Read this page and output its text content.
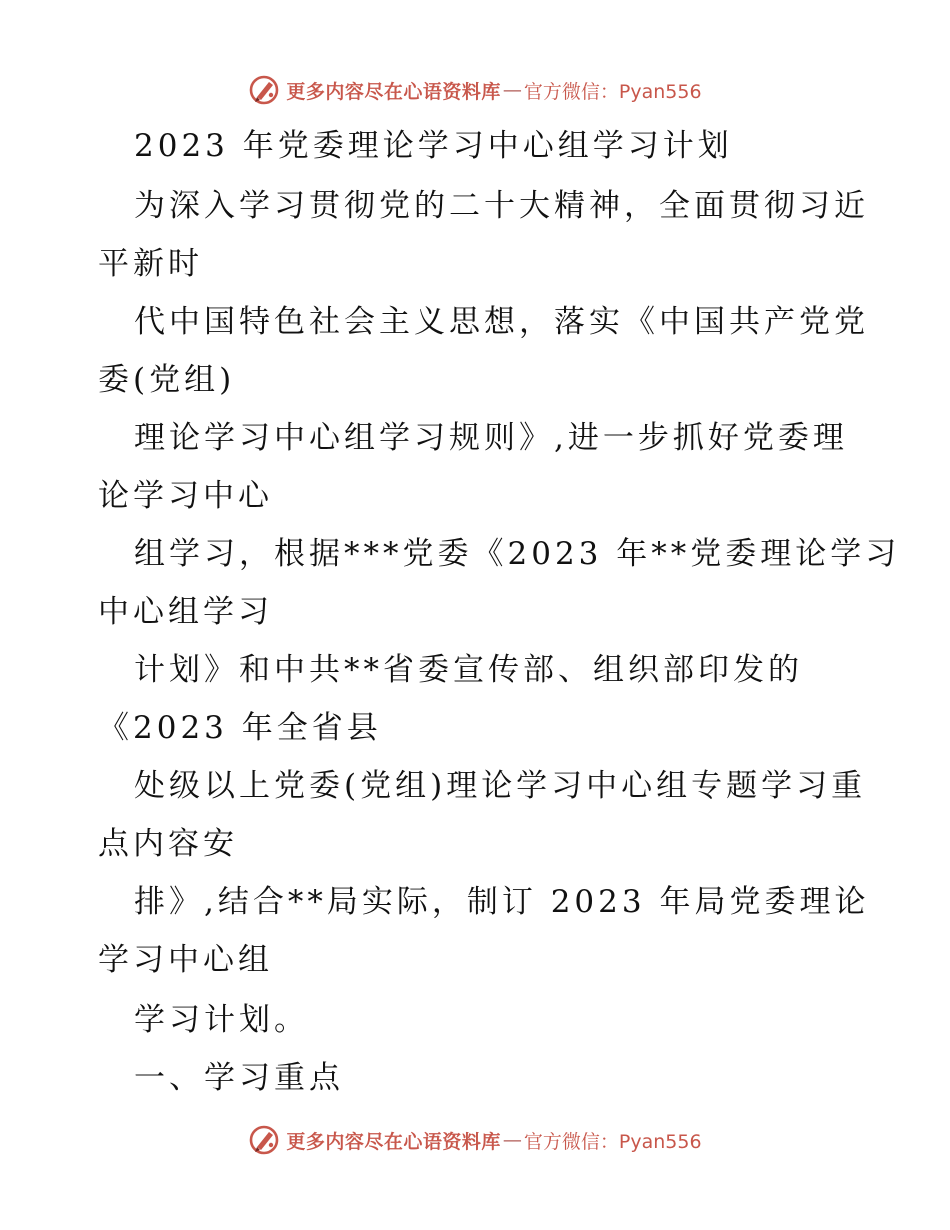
更多内容尽在心语资料库 — 官方微信：Pyan556
2023 年党委理论学习中心组学习计划
为深入学习贯彻党的二十大精神，全面贯彻习近
平新时
代中国特色社会主义思想，落实《中国共产党党
委(党组)
理论学习中心组学习规则》,进一步抓好党委理
论学习中心
组学习，根据***党委《2023 年**党委理论学习
中心组学习
计划》和中共**省委宣传部、组织部印发的
《2023 年全省县
处级以上党委(党组)理论学习中心组专题学习重
点内容安
排》,结合**局实际，制订 2023 年局党委理论
学习中心组
学习计划。
一、学习重点
更多内容尽在心语资料库 — 官方微信：Pyan556
